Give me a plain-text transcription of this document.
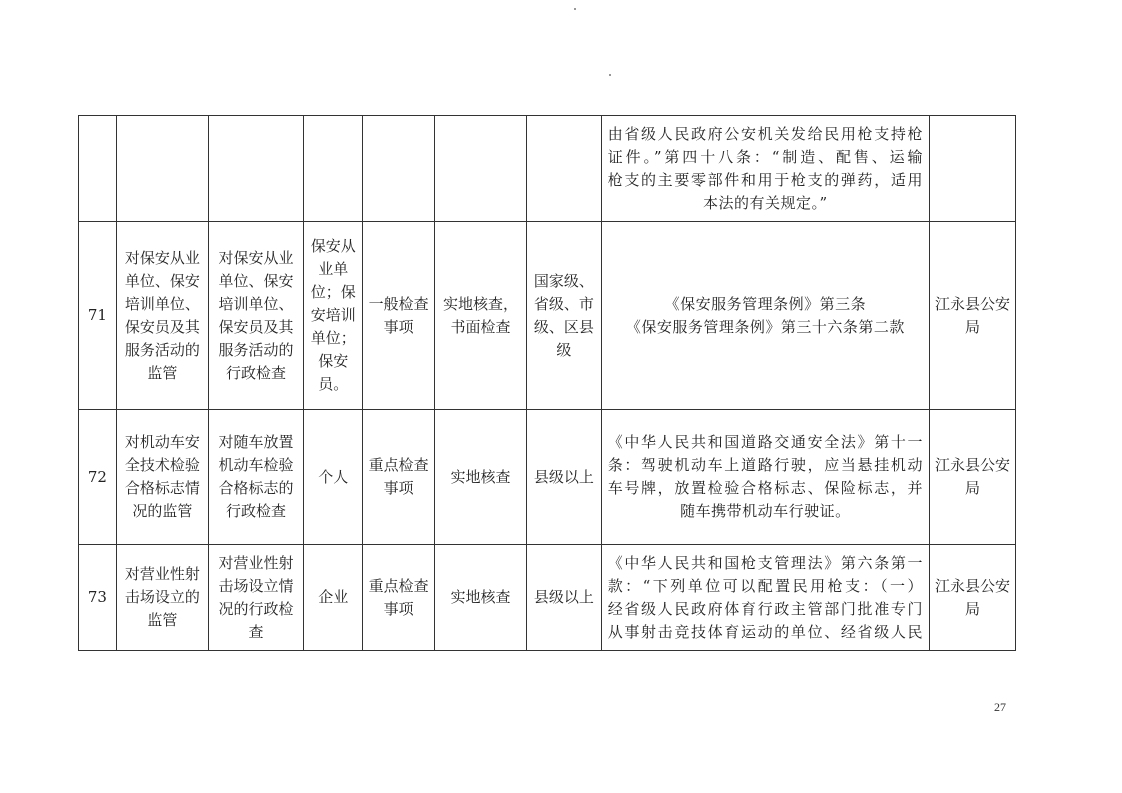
							由省级人民政府公安机关发给民用枪支持枪
证件。”第四十八条：“制造、配售、运输
枪支的主要零部件和用于枪支的弹药，适用
本法的有关规定。”	

71	对保安从业单位、保安培训单位、保安员及其服务活动的监管	对保安从业单位、保安培训单位、保安员及其服务活动的行政检查	保安从业单位；保安培训单位；保安员。	一般检查事项	实地核查，书面检查	国家级、省级、市级、区县级	《保安服务管理条例》第三条
《保安服务管理条例》第三十六条第二款	江永县公安局

72	对机动车安全技术检验合格标志情况的监管	对随车放置机动车检验合格标志的行政检查	个人	重点检查事项	实地核查	县级以上	《中华人民共和国道路交通安全法》第十一
条：驾驶机动车上道路行驶，应当悬挂机动
车号牌，放置检验合格标志、保险标志，并
随车携带机动车行驶证。	江永县公安局

73	对营业性射击场设立的监管	对营业性射击场设立情况的行政检查	企业	重点检查事项	实地核查	县级以上	《中华人民共和国枪支管理法》第六条第一
款：“下列单位可以配置民用枪支：（一）
经省级人民政府体育行政主管部门批准专门
从事射击竞技体育运动的单位、经省级人民	江永县公安局
27
